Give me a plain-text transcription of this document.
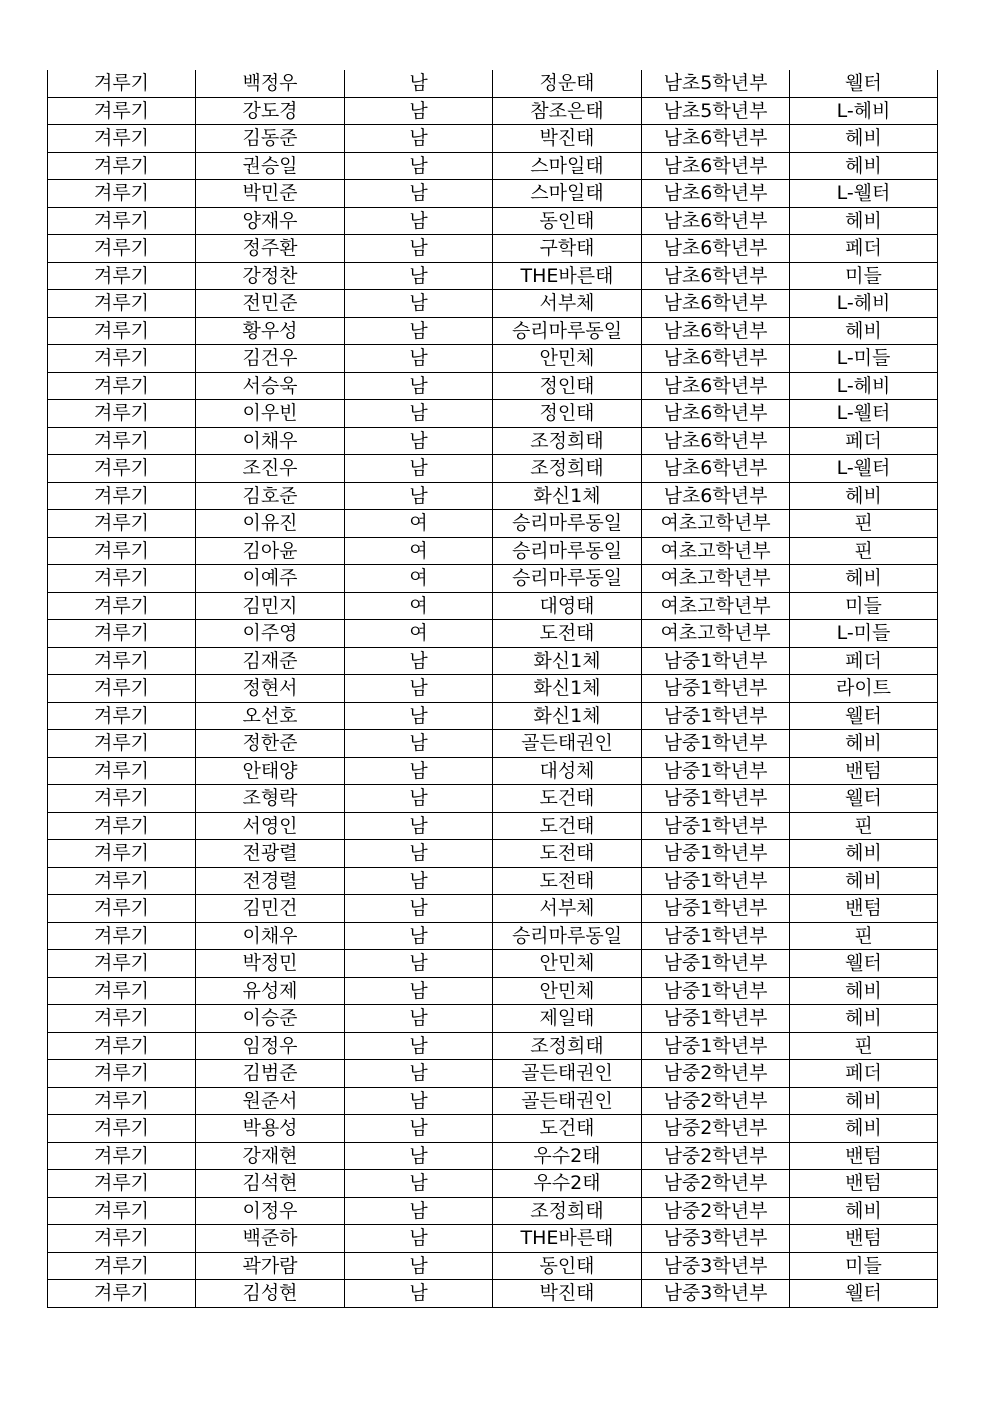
겨루기	백정우	남	정운태	남초5학년부	웰터
겨루기	강도경	남	참조은태	남초5학년부	L-헤비
겨루기	김동준	남	박진태	남초6학년부	헤비
겨루기	권승일	남	스마일태	남초6학년부	헤비
겨루기	박민준	남	스마일태	남초6학년부	L-웰터
겨루기	양재우	남	동인태	남초6학년부	헤비
겨루기	정주환	남	구학태	남초6학년부	페더
겨루기	강정찬	남	THE바른태	남초6학년부	미들
겨루기	전민준	남	서부체	남초6학년부	L-헤비
겨루기	황우성	남	승리마루동일	남초6학년부	헤비
겨루기	김건우	남	안민체	남초6학년부	L-미들
겨루기	서승욱	남	정인태	남초6학년부	L-헤비
겨루기	이우빈	남	정인태	남초6학년부	L-웰터
겨루기	이채우	남	조정희태	남초6학년부	페더
겨루기	조진우	남	조정희태	남초6학년부	L-웰터
겨루기	김호준	남	화신1체	남초6학년부	헤비
겨루기	이유진	여	승리마루동일	여초고학년부	핀
겨루기	김아윤	여	승리마루동일	여초고학년부	핀
겨루기	이예주	여	승리마루동일	여초고학년부	헤비
겨루기	김민지	여	대영태	여초고학년부	미들
겨루기	이주영	여	도전태	여초고학년부	L-미들
겨루기	김재준	남	화신1체	남중1학년부	페더
겨루기	정현서	남	화신1체	남중1학년부	라이트
겨루기	오선호	남	화신1체	남중1학년부	웰터
겨루기	정한준	남	골든태권인	남중1학년부	헤비
겨루기	안태양	남	대성체	남중1학년부	밴텀
겨루기	조형락	남	도건태	남중1학년부	웰터
겨루기	서영인	남	도건태	남중1학년부	핀
겨루기	전광렬	남	도전태	남중1학년부	헤비
겨루기	전경렬	남	도전태	남중1학년부	헤비
겨루기	김민건	남	서부체	남중1학년부	밴텀
겨루기	이채우	남	승리마루동일	남중1학년부	핀
겨루기	박정민	남	안민체	남중1학년부	웰터
겨루기	유성제	남	안민체	남중1학년부	헤비
겨루기	이승준	남	제일태	남중1학년부	헤비
겨루기	임정우	남	조정희태	남중1학년부	핀
겨루기	김범준	남	골든태권인	남중2학년부	페더
겨루기	원준서	남	골든태권인	남중2학년부	헤비
겨루기	박용성	남	도건태	남중2학년부	헤비
겨루기	강재현	남	우수2태	남중2학년부	밴텀
겨루기	김석현	남	우수2태	남중2학년부	밴텀
겨루기	이정우	남	조정희태	남중2학년부	헤비
겨루기	백준하	남	THE바른태	남중3학년부	밴텀
겨루기	곽가람	남	동인태	남중3학년부	미들
겨루기	김성현	남	박진태	남중3학년부	웰터
